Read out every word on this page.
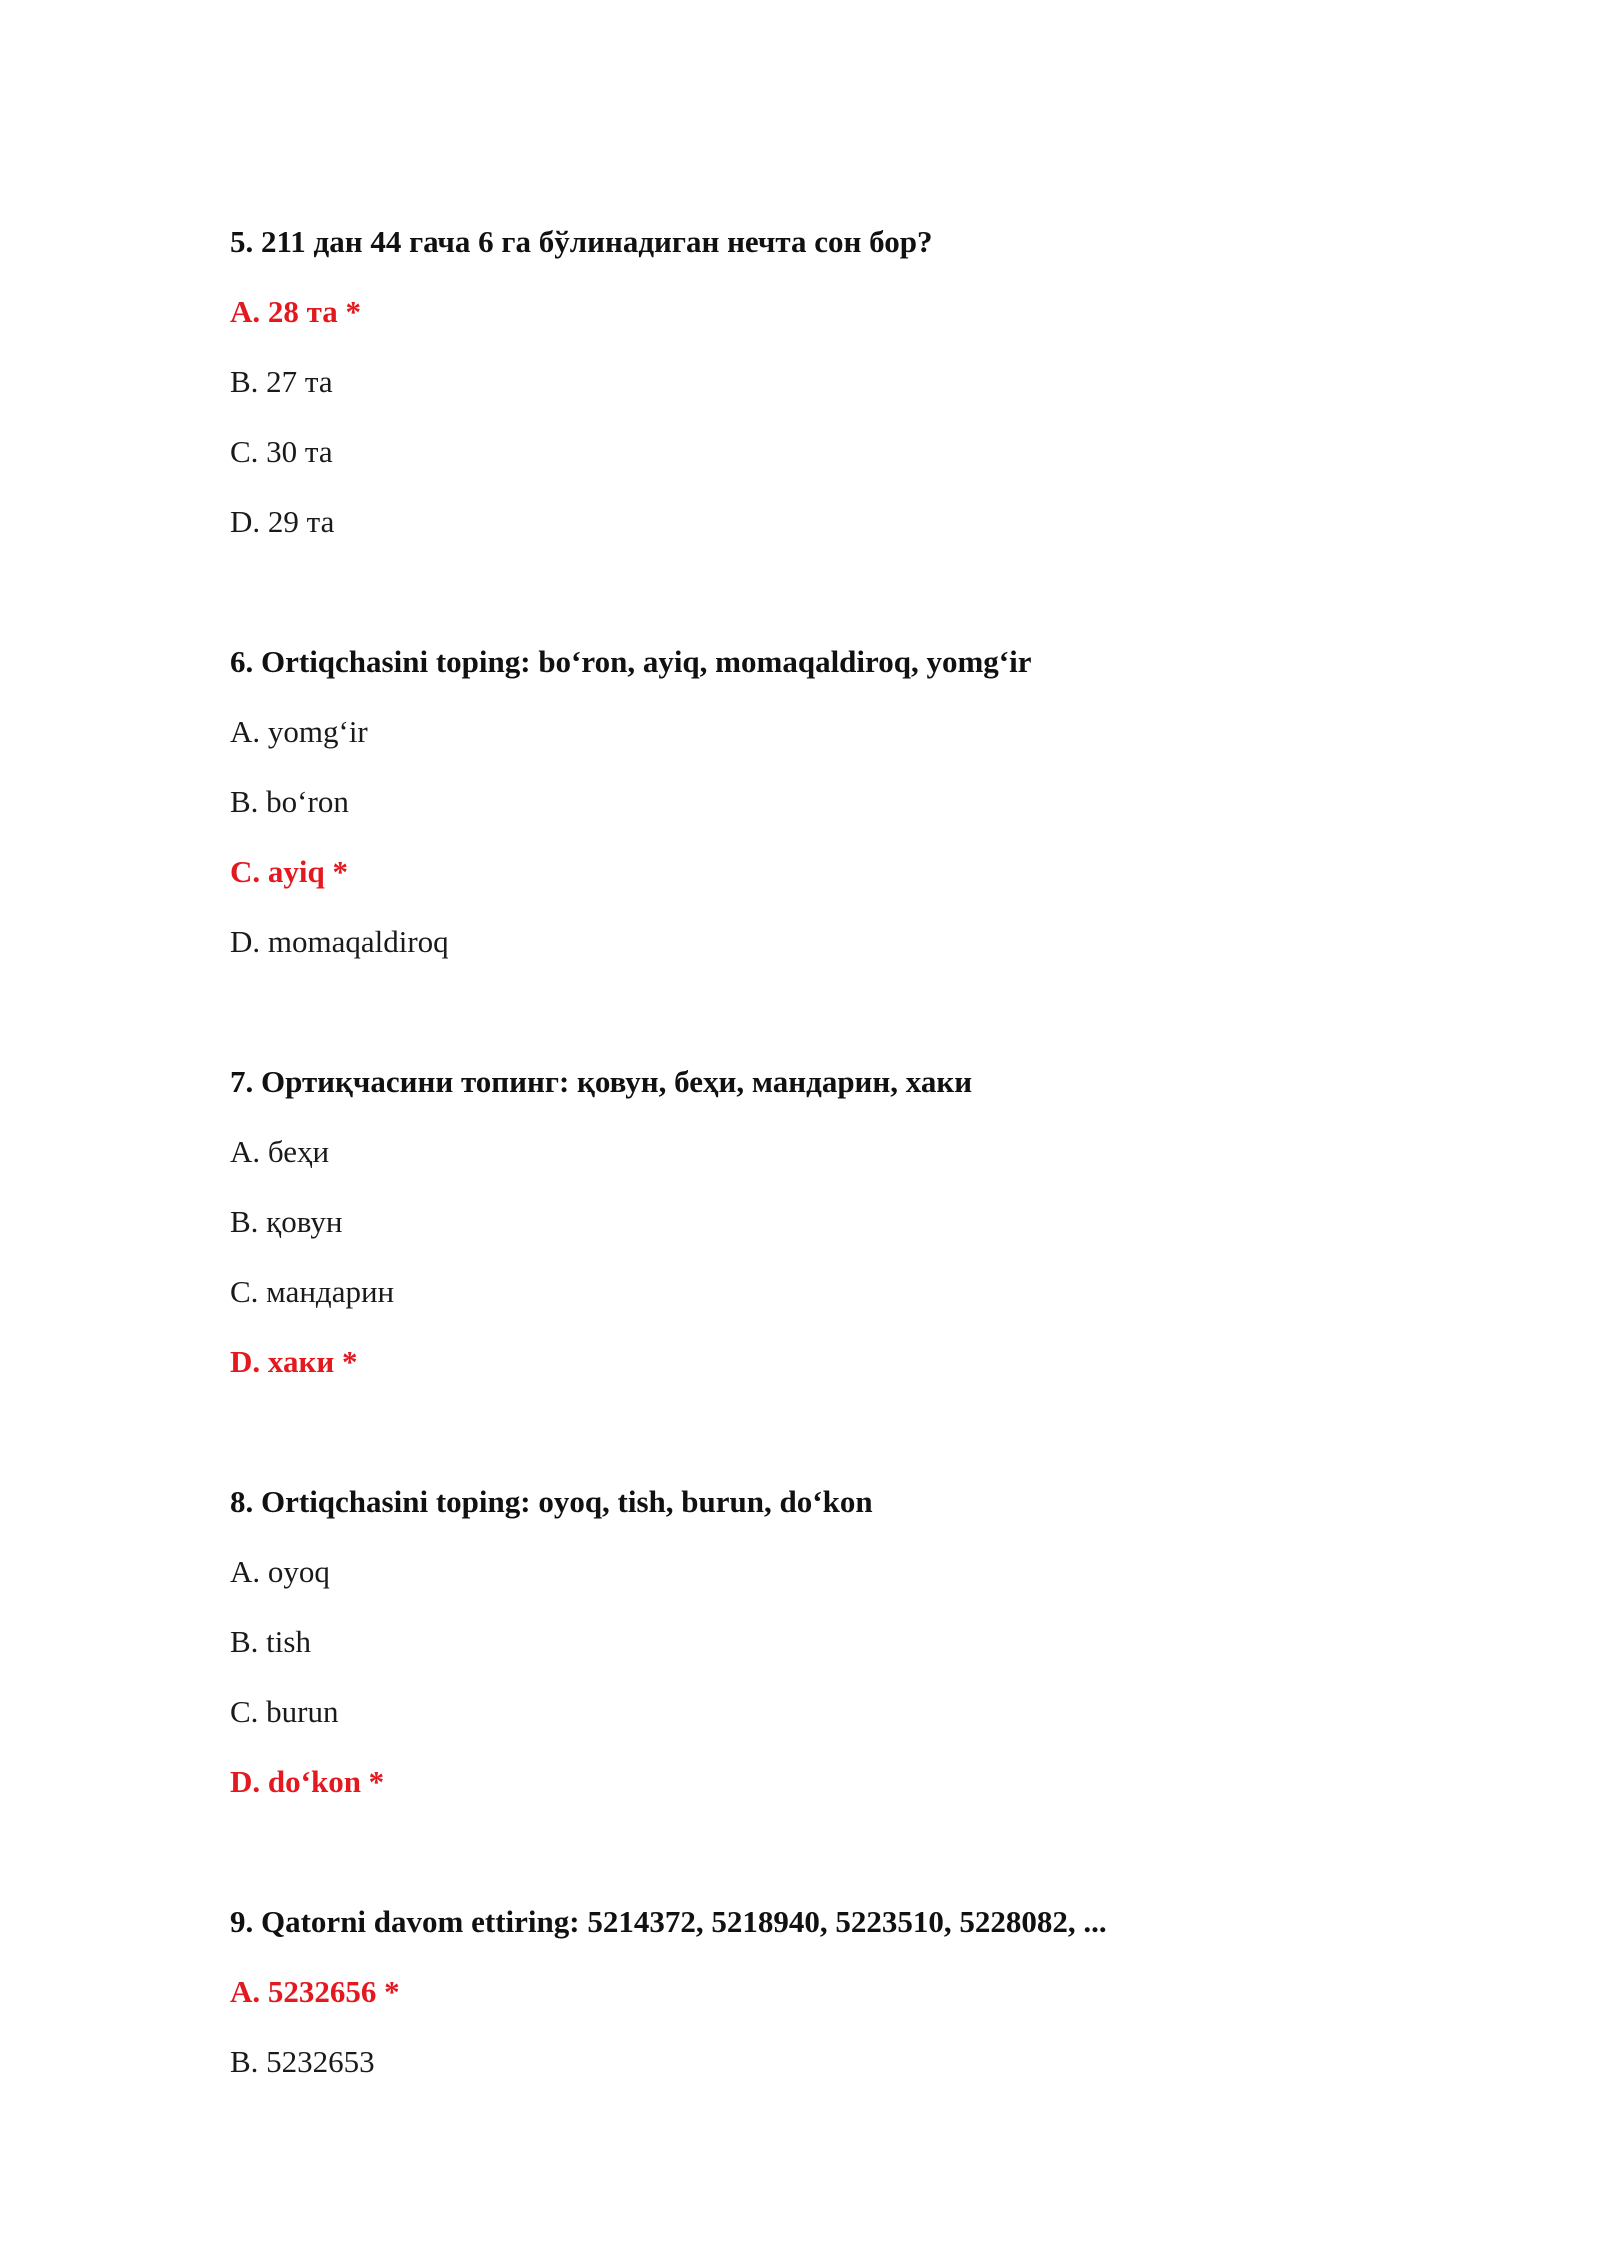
5. 211 дан 44 гача 6 га бўлинадиган нечта сон бор?
A. 28 та *
B. 27 та
C. 30 та
D. 29 та
6. Ortiqchasini toping: bo‘ron, ayiq, momaqaldiroq, yomg‘ir
A. yomg‘ir
B. bo‘ron
C. ayiq *
D. momaqaldiroq
7. Ортиқчасини топинг: қовун, беҳи, мандарин, хаки
A. беҳи
B. қовун
C. мандарин
D. хаки *
8. Ortiqchasini toping: oyoq, tish, burun, do‘kon
A. oyoq
B. tish
C. burun
D. do‘kon *
9. Qatorni davom ettiring: 5214372, 5218940, 5223510, 5228082, ...
A. 5232656 *
B. 5232653
